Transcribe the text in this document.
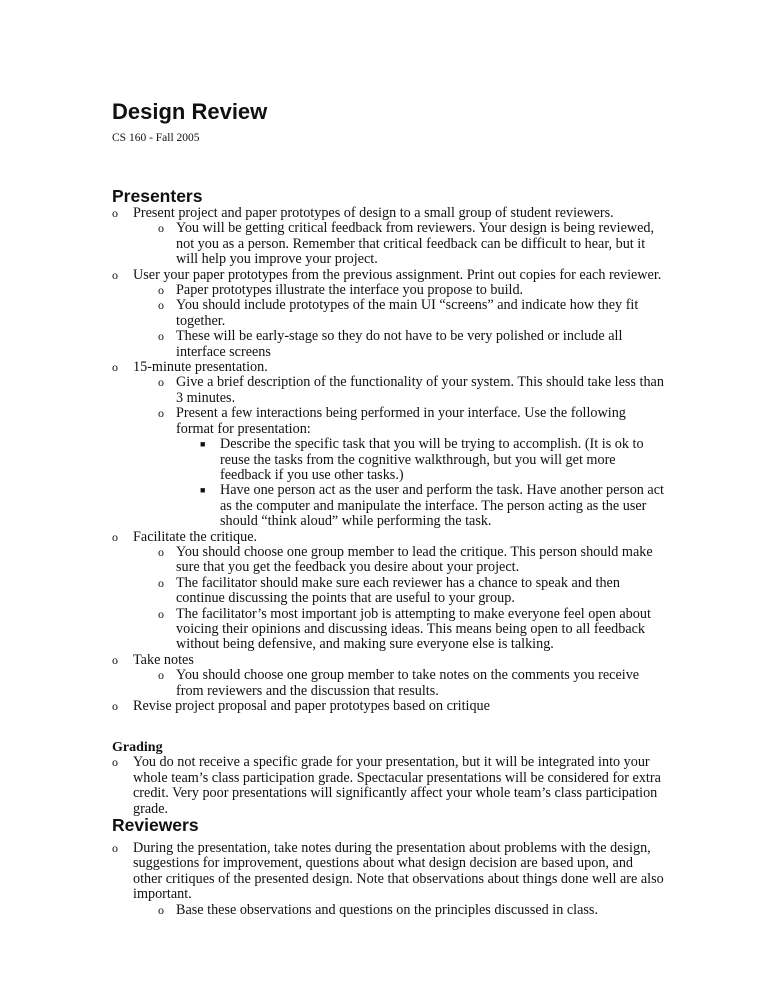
Design Review
CS 160 - Fall 2005
Presenters
o Present project and paper prototypes of design to a small group of student reviewers.
o You will be getting critical feedback from reviewers. Your design is being reviewed, not you as a person. Remember that critical feedback can be difficult to hear, but it will help you improve your project.
o User your paper prototypes from the previous assignment. Print out copies for each reviewer.
o Paper prototypes illustrate the interface you propose to build.
o You should include prototypes of the main UI “screens” and indicate how they fit together.
o These will be early-stage so they do not have to be very polished or include all interface screens
o 15-minute presentation.
o Give a brief description of the functionality of your system. This should take less than 3 minutes.
o Present a few interactions being performed in your interface. Use the following format for presentation:
■ Describe the specific task that you will be trying to accomplish. (It is ok to reuse the tasks from the cognitive walkthrough, but you will get more feedback if you use other tasks.)
■ Have one person act as the user and perform the task. Have another person act as the computer and manipulate the interface. The person acting as the user should “think aloud” while performing the task.
o Facilitate the critique.
o You should choose one group member to lead the critique. This person should make sure that you get the feedback you desire about your project.
o The facilitator should make sure each reviewer has a chance to speak and then continue discussing the points that are useful to your group.
o The facilitator’s most important job is attempting to make everyone feel open about voicing their opinions and discussing ideas. This means being open to all feedback without being defensive, and making sure everyone else is talking.
o Take notes
o You should choose one group member to take notes on the comments you receive from reviewers and the discussion that results.
o Revise project proposal and paper prototypes based on critique
Grading
o You do not receive a specific grade for your presentation, but it will be integrated into your whole team’s class participation grade. Spectacular presentations will be considered for extra credit. Very poor presentations will significantly affect your whole team’s class participation grade.
Reviewers
o During the presentation, take notes during the presentation about problems with the design, suggestions for improvement, questions about what design decision are based upon, and other critiques of the presented design. Note that observations about things done well are also important.
o Base these observations and questions on the principles discussed in class.
